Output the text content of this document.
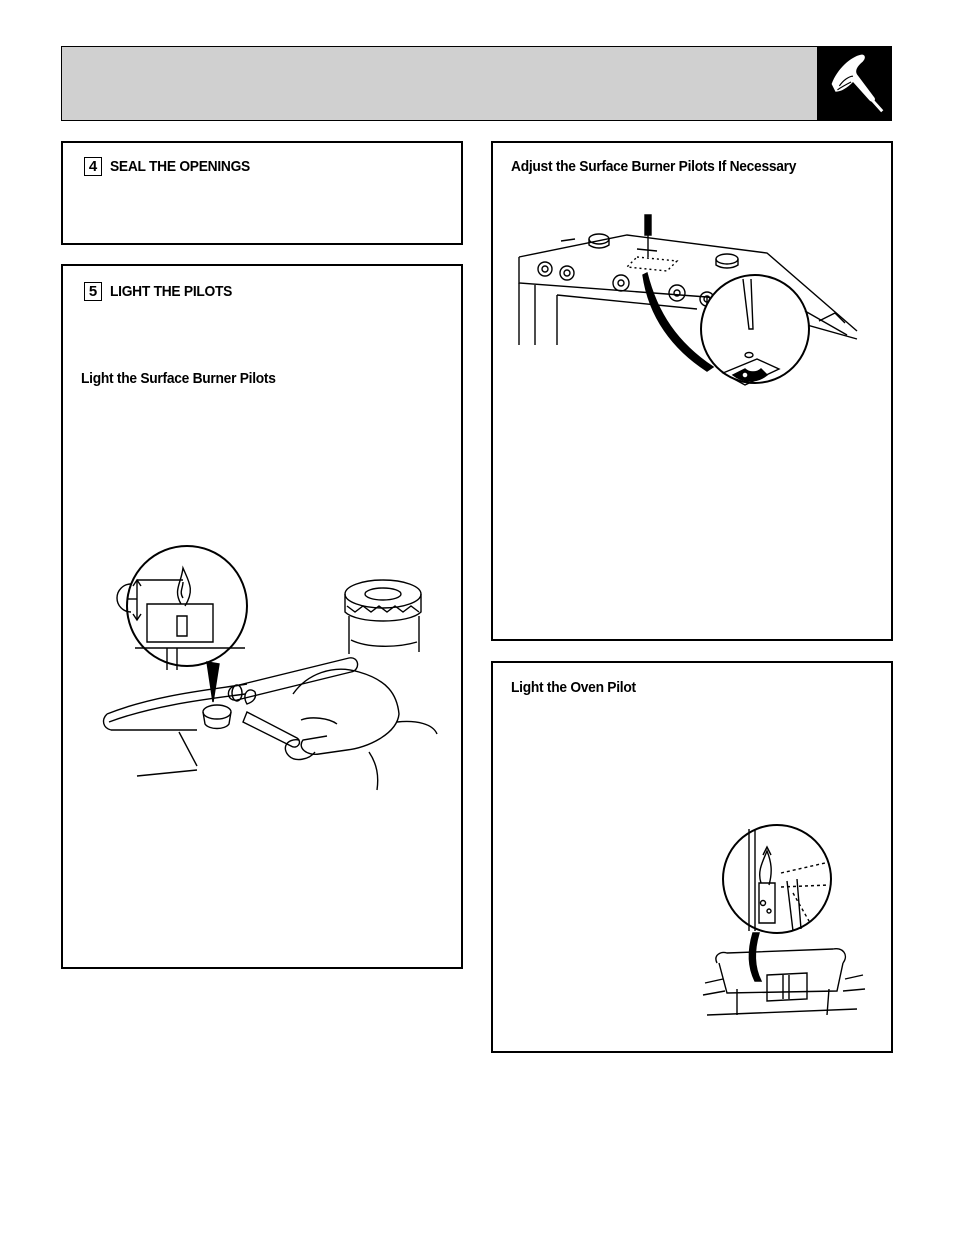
4 SEAL THE OPENINGS
5 LIGHT THE PILOTS
Light the Surface Burner Pilots
Adjust the Surface Burner Pilots If Necessary
Light the Oven Pilot
